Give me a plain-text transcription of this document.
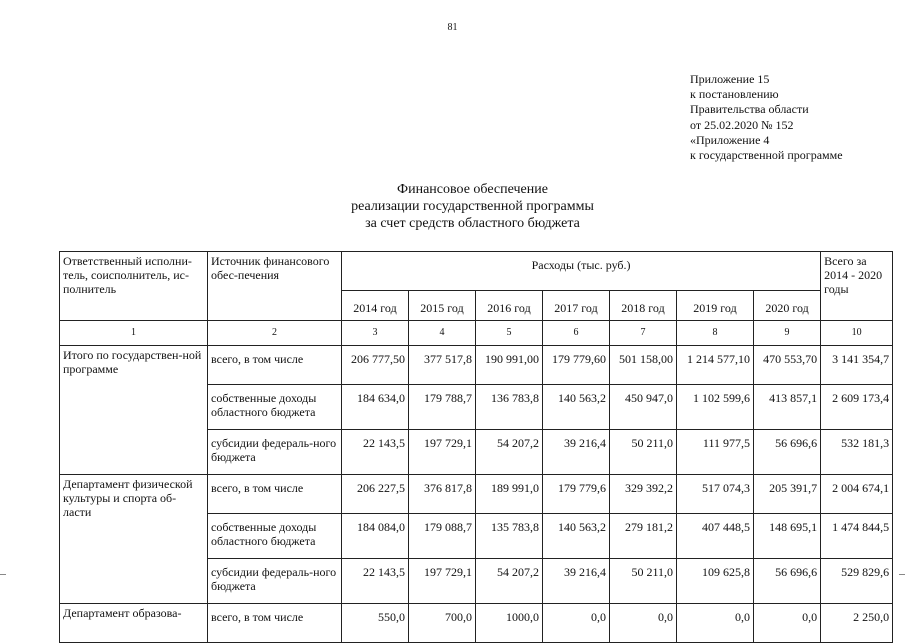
81
Приложение 15
к постановлению
Правительства области
от 25.02.2020 № 152
«Приложение 4
к государственной программе
Финансовое обеспечение
реализации государственной программы
за счет средств областного бюджета
Ответственный исполни-тель, соисполнитель, ис-полнитель	Источник финансового обес-печения	Расходы (тыс. руб.)							Всего за 2014 - 2020 годы
		2014 год	2015 год	2016 год	2017 год	2018 год	2019 год	2020 год	
1	2	3	4	5	6	7	8	9	10
Итого по государствен-ной программе	всего, в том числе	206 777,50	377 517,8	190 991,00	179 779,60	501 158,00	1 214 577,10	470 553,70	3 141 354,7
	собственные доходы областного бюджета	184 634,0	179 788,7	136 783,8	140 563,2	450 947,0	1 102 599,6	413 857,1	2 609 173,4
	субсидии федераль-ного бюджета	22 143,5	197 729,1	54 207,2	39 216,4	50 211,0	111 977,5	56 696,6	532 181,3
Департамент физической культуры и спорта об-ласти	всего, в том числе	206 227,5	376 817,8	189 991,0	179 779,6	329 392,2	517 074,3	205 391,7	2 004 674,1
	собственные доходы областного бюджета	184 084,0	179 088,7	135 783,8	140 563,2	279 181,2	407 448,5	148 695,1	1 474 844,5
	субсидии федераль-ного бюджета	22 143,5	197 729,1	54 207,2	39 216,4	50 211,0	109 625,8	56 696,6	529 829,6
Департамент образова-	всего, в том числе	550,0	700,0	1000,0	0,0	0,0	0,0	0,0	2 250,0
